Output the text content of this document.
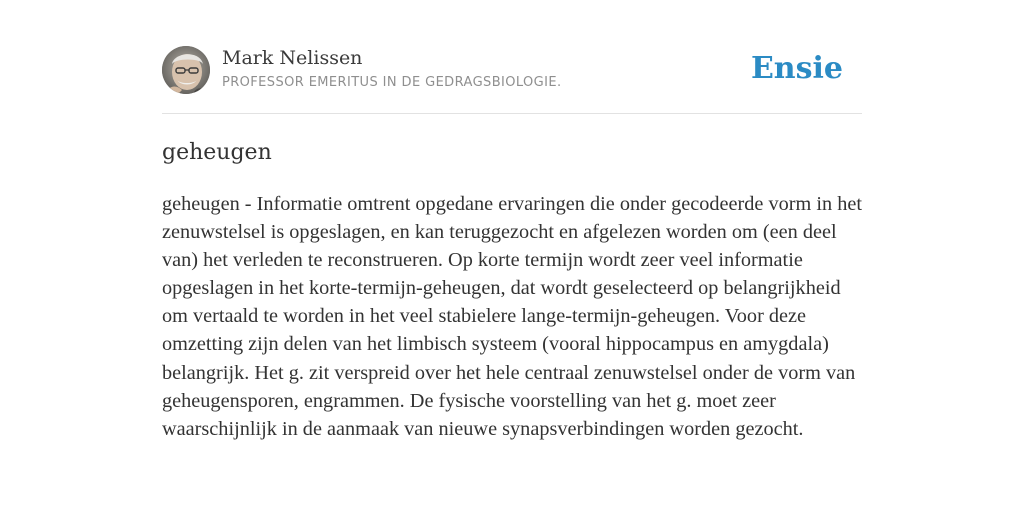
Mark Nelissen
PROFESSOR EMERITUS IN DE GEDRAGSBIOLOGIE.	Ensie
geheugen

geheugen - Informatie omtrent opgedane ervaringen die onder gecodeerde vorm in het zenuwstelsel is opgeslagen, en kan teruggezocht en afgelezen worden om (een deel van) het verleden te reconstrueren. Op korte termijn wordt zeer veel informatie opgeslagen in het korte-termijn-geheugen, dat wordt geselecteerd op belangrijkheid om vertaald te worden in het veel stabielere lange-termijn-geheugen. Voor deze omzetting zijn delen van het limbisch systeem (vooral hippocampus en amygdala) belangrijk. Het g. zit verspreid over het hele centraal zenuwstelsel onder de vorm van geheugensporen, engrammen. De fysische voorstelling van het g. moet zeer waarschijnlijk in de aanmaak van nieuwe synapsverbindingen worden gezocht.
